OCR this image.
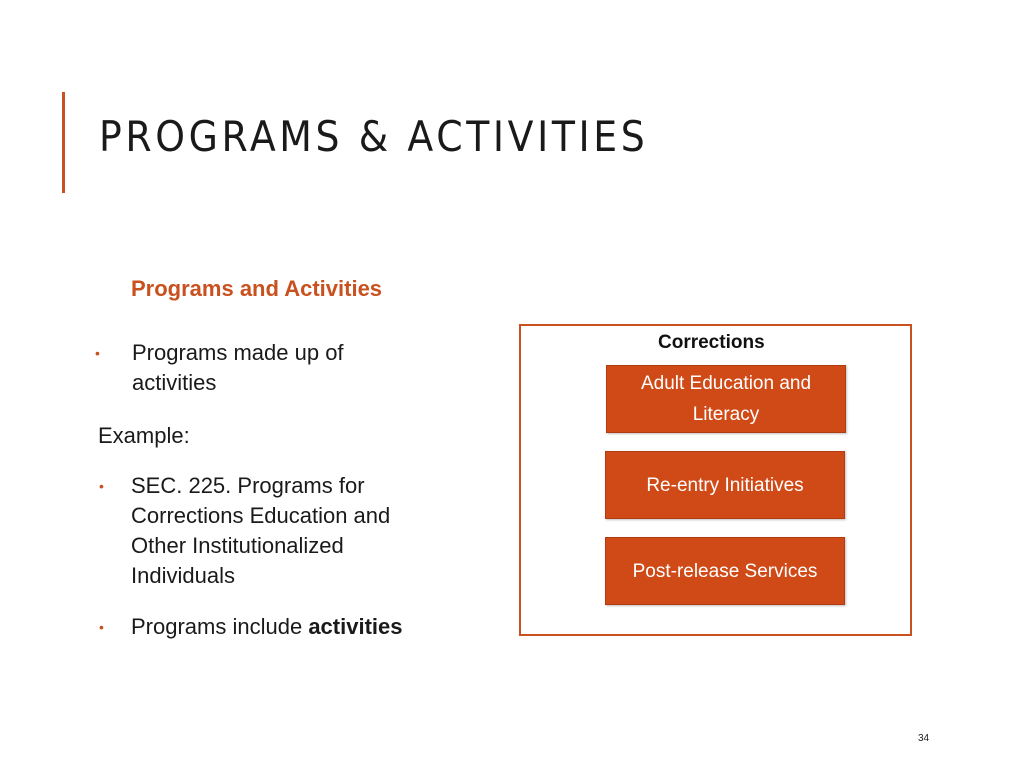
PROGRAMS & ACTIVITIES
Programs and Activities
• Programs made up of
activities
Example:
• SEC. 225. Programs for
Corrections Education and
Other Institutionalized
Individuals
• Programs include activities
Corrections
Adult Education and
Literacy
Re-entry Initiatives
Post-release Services
34
